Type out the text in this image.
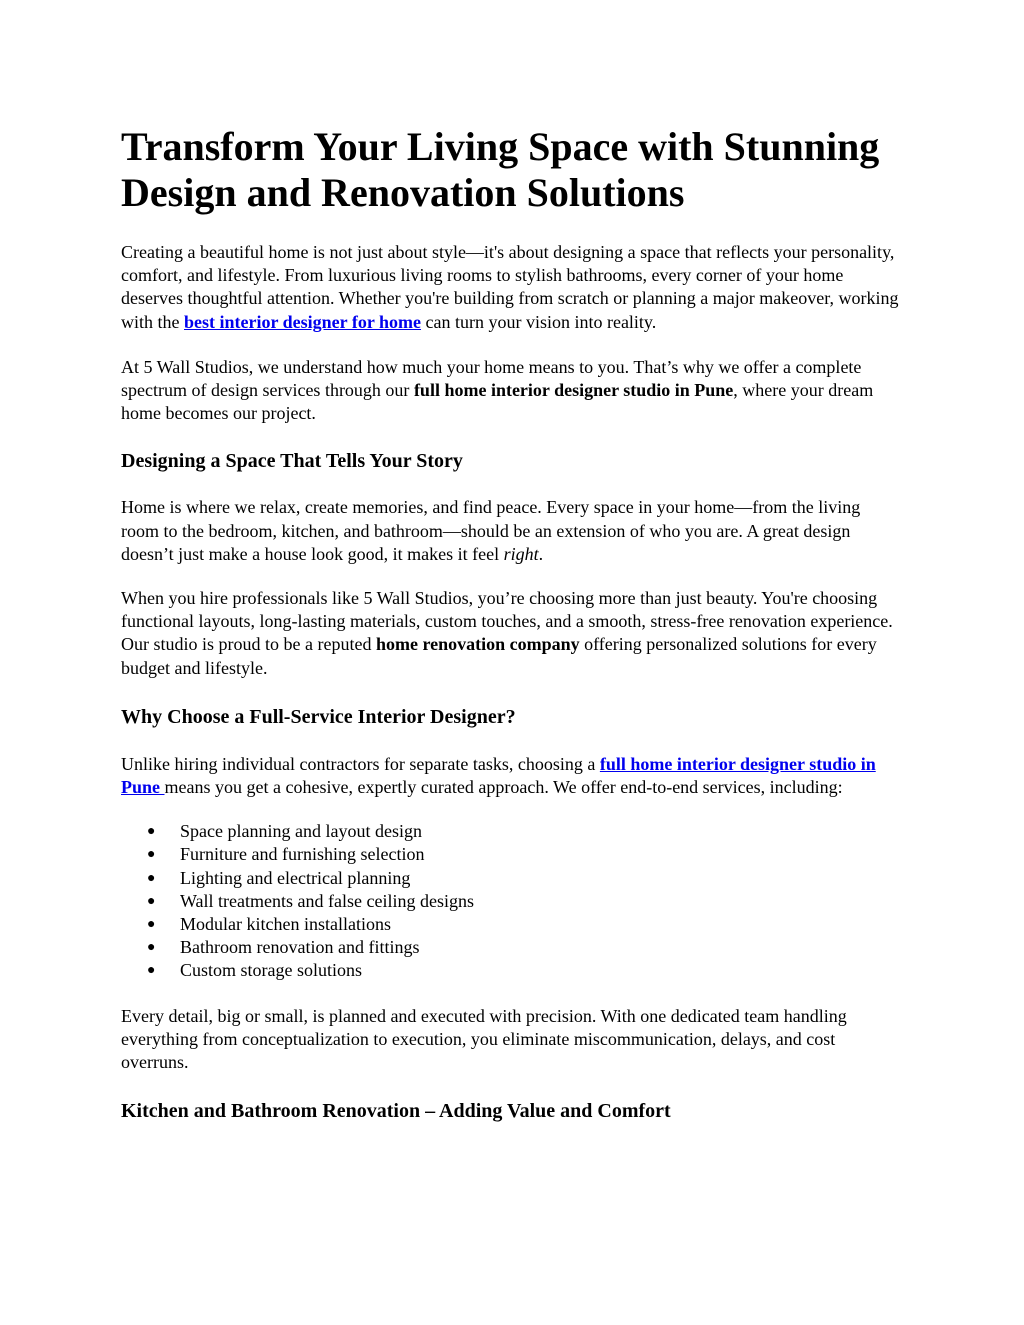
Transform Your Living Space with Stunning Design and Renovation Solutions

Creating a beautiful home is not just about style—it's about designing a space that reflects your personality, comfort, and lifestyle. From luxurious living rooms to stylish bathrooms, every corner of your home deserves thoughtful attention. Whether you're building from scratch or planning a major makeover, working with the best interior designer for home can turn your vision into reality.

At 5 Wall Studios, we understand how much your home means to you. That’s why we offer a complete spectrum of design services through our full home interior designer studio in Pune, where your dream home becomes our project.

Designing a Space That Tells Your Story

Home is where we relax, create memories, and find peace. Every space in your home—from the living room to the bedroom, kitchen, and bathroom—should be an extension of who you are. A great design doesn’t just make a house look good, it makes it feel right.

When you hire professionals like 5 Wall Studios, you’re choosing more than just beauty. You're choosing functional layouts, long-lasting materials, custom touches, and a smooth, stress-free renovation experience. Our studio is proud to be a reputed home renovation company offering personalized solutions for every budget and lifestyle.

Why Choose a Full-Service Interior Designer?

Unlike hiring individual contractors for separate tasks, choosing a full home interior designer studio in Pune means you get a cohesive, expertly curated approach. We offer end-to-end services, including:

● Space planning and layout design
● Furniture and furnishing selection
● Lighting and electrical planning
● Wall treatments and false ceiling designs
● Modular kitchen installations
● Bathroom renovation and fittings
● Custom storage solutions

Every detail, big or small, is planned and executed with precision. With one dedicated team handling everything from conceptualization to execution, you eliminate miscommunication, delays, and cost overruns.

Kitchen and Bathroom Renovation – Adding Value and Comfort
